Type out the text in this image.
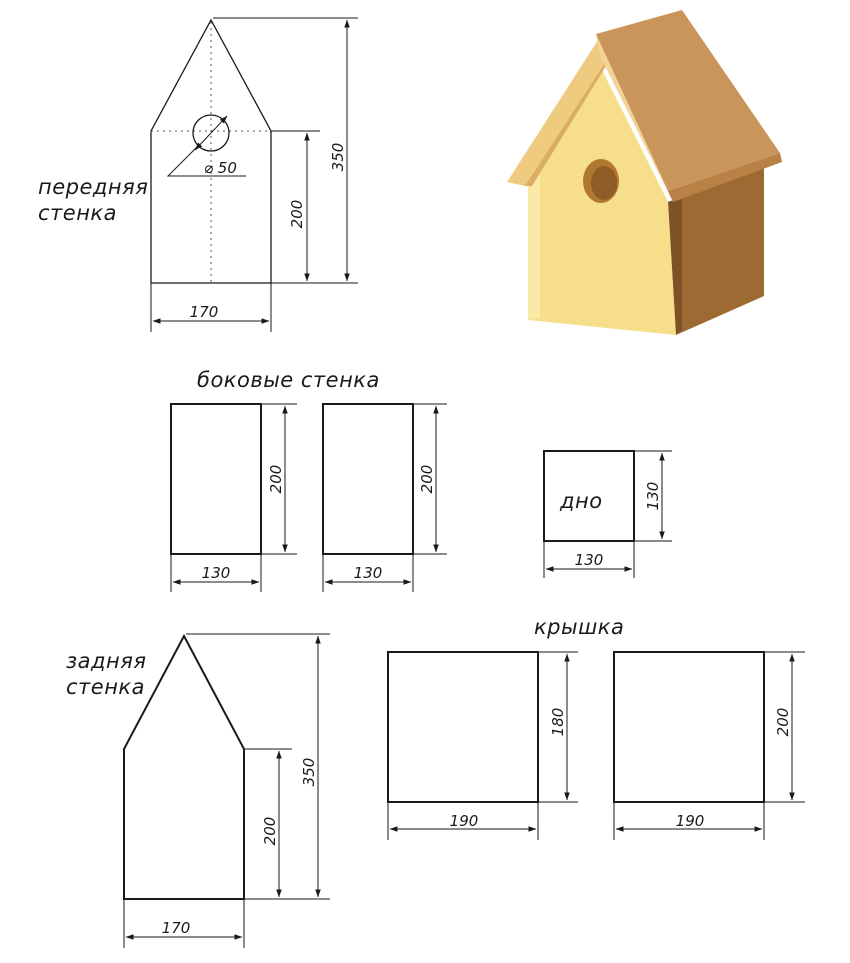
⌀ 50	350
200
170
передняя
стенка
боковые стенка
200
130
200
130
дно	130
130
задняя
стенка
350
200
170
крышка
180
190
200
190
